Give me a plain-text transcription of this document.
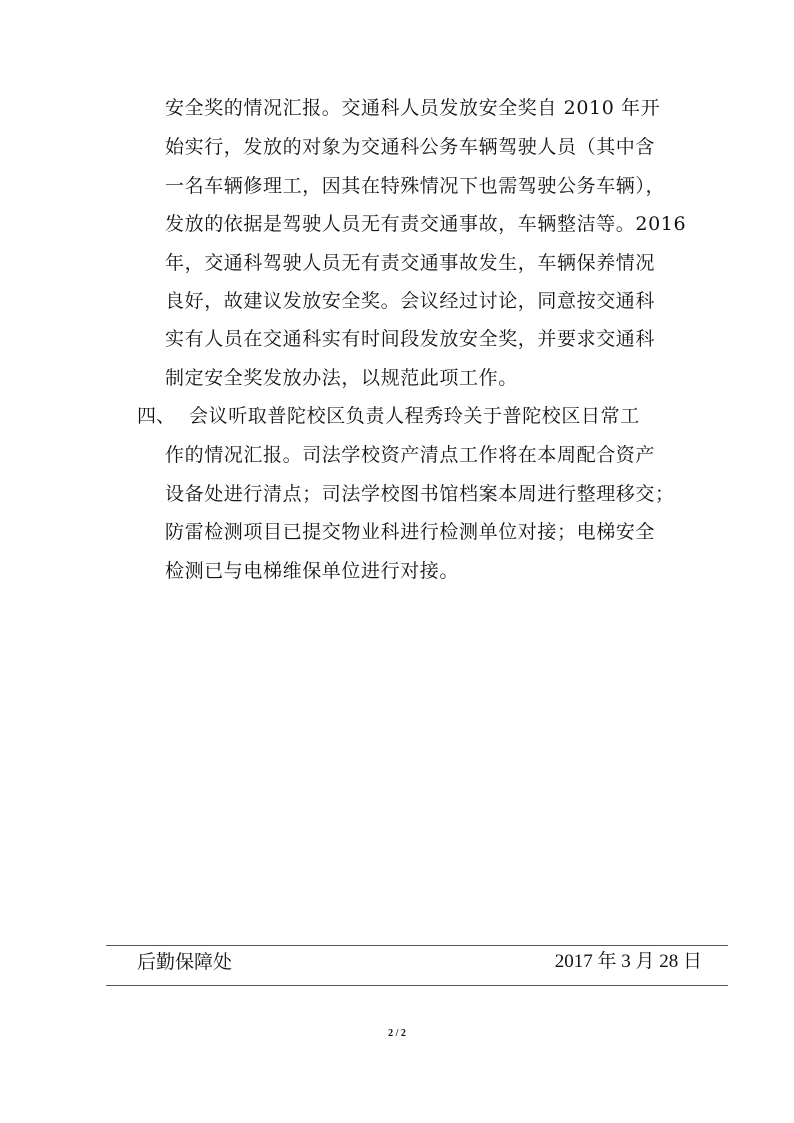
安全奖的情况汇报。交通科人员发放安全奖自 2010 年开
始实行，发放的对象为交通科公务车辆驾驶人员（其中含
一名车辆修理工，因其在特殊情况下也需驾驶公务车辆），
发放的依据是驾驶人员无有责交通事故，车辆整洁等。2016
年，交通科驾驶人员无有责交通事故发生，车辆保养情况
良好，故建议发放安全奖。会议经过讨论，同意按交通科
实有人员在交通科实有时间段发放安全奖，并要求交通科
制定安全奖发放办法，以规范此项工作。
四、 会议听取普陀校区负责人程秀玲关于普陀校区日常工
作的情况汇报。司法学校资产清点工作将在本周配合资产
设备处进行清点；司法学校图书馆档案本周进行整理移交；
防雷检测项目已提交物业科进行检测单位对接；电梯安全
检测已与电梯维保单位进行对接。
后勤保障处	2017 年 3 月 28 日
2 / 2
